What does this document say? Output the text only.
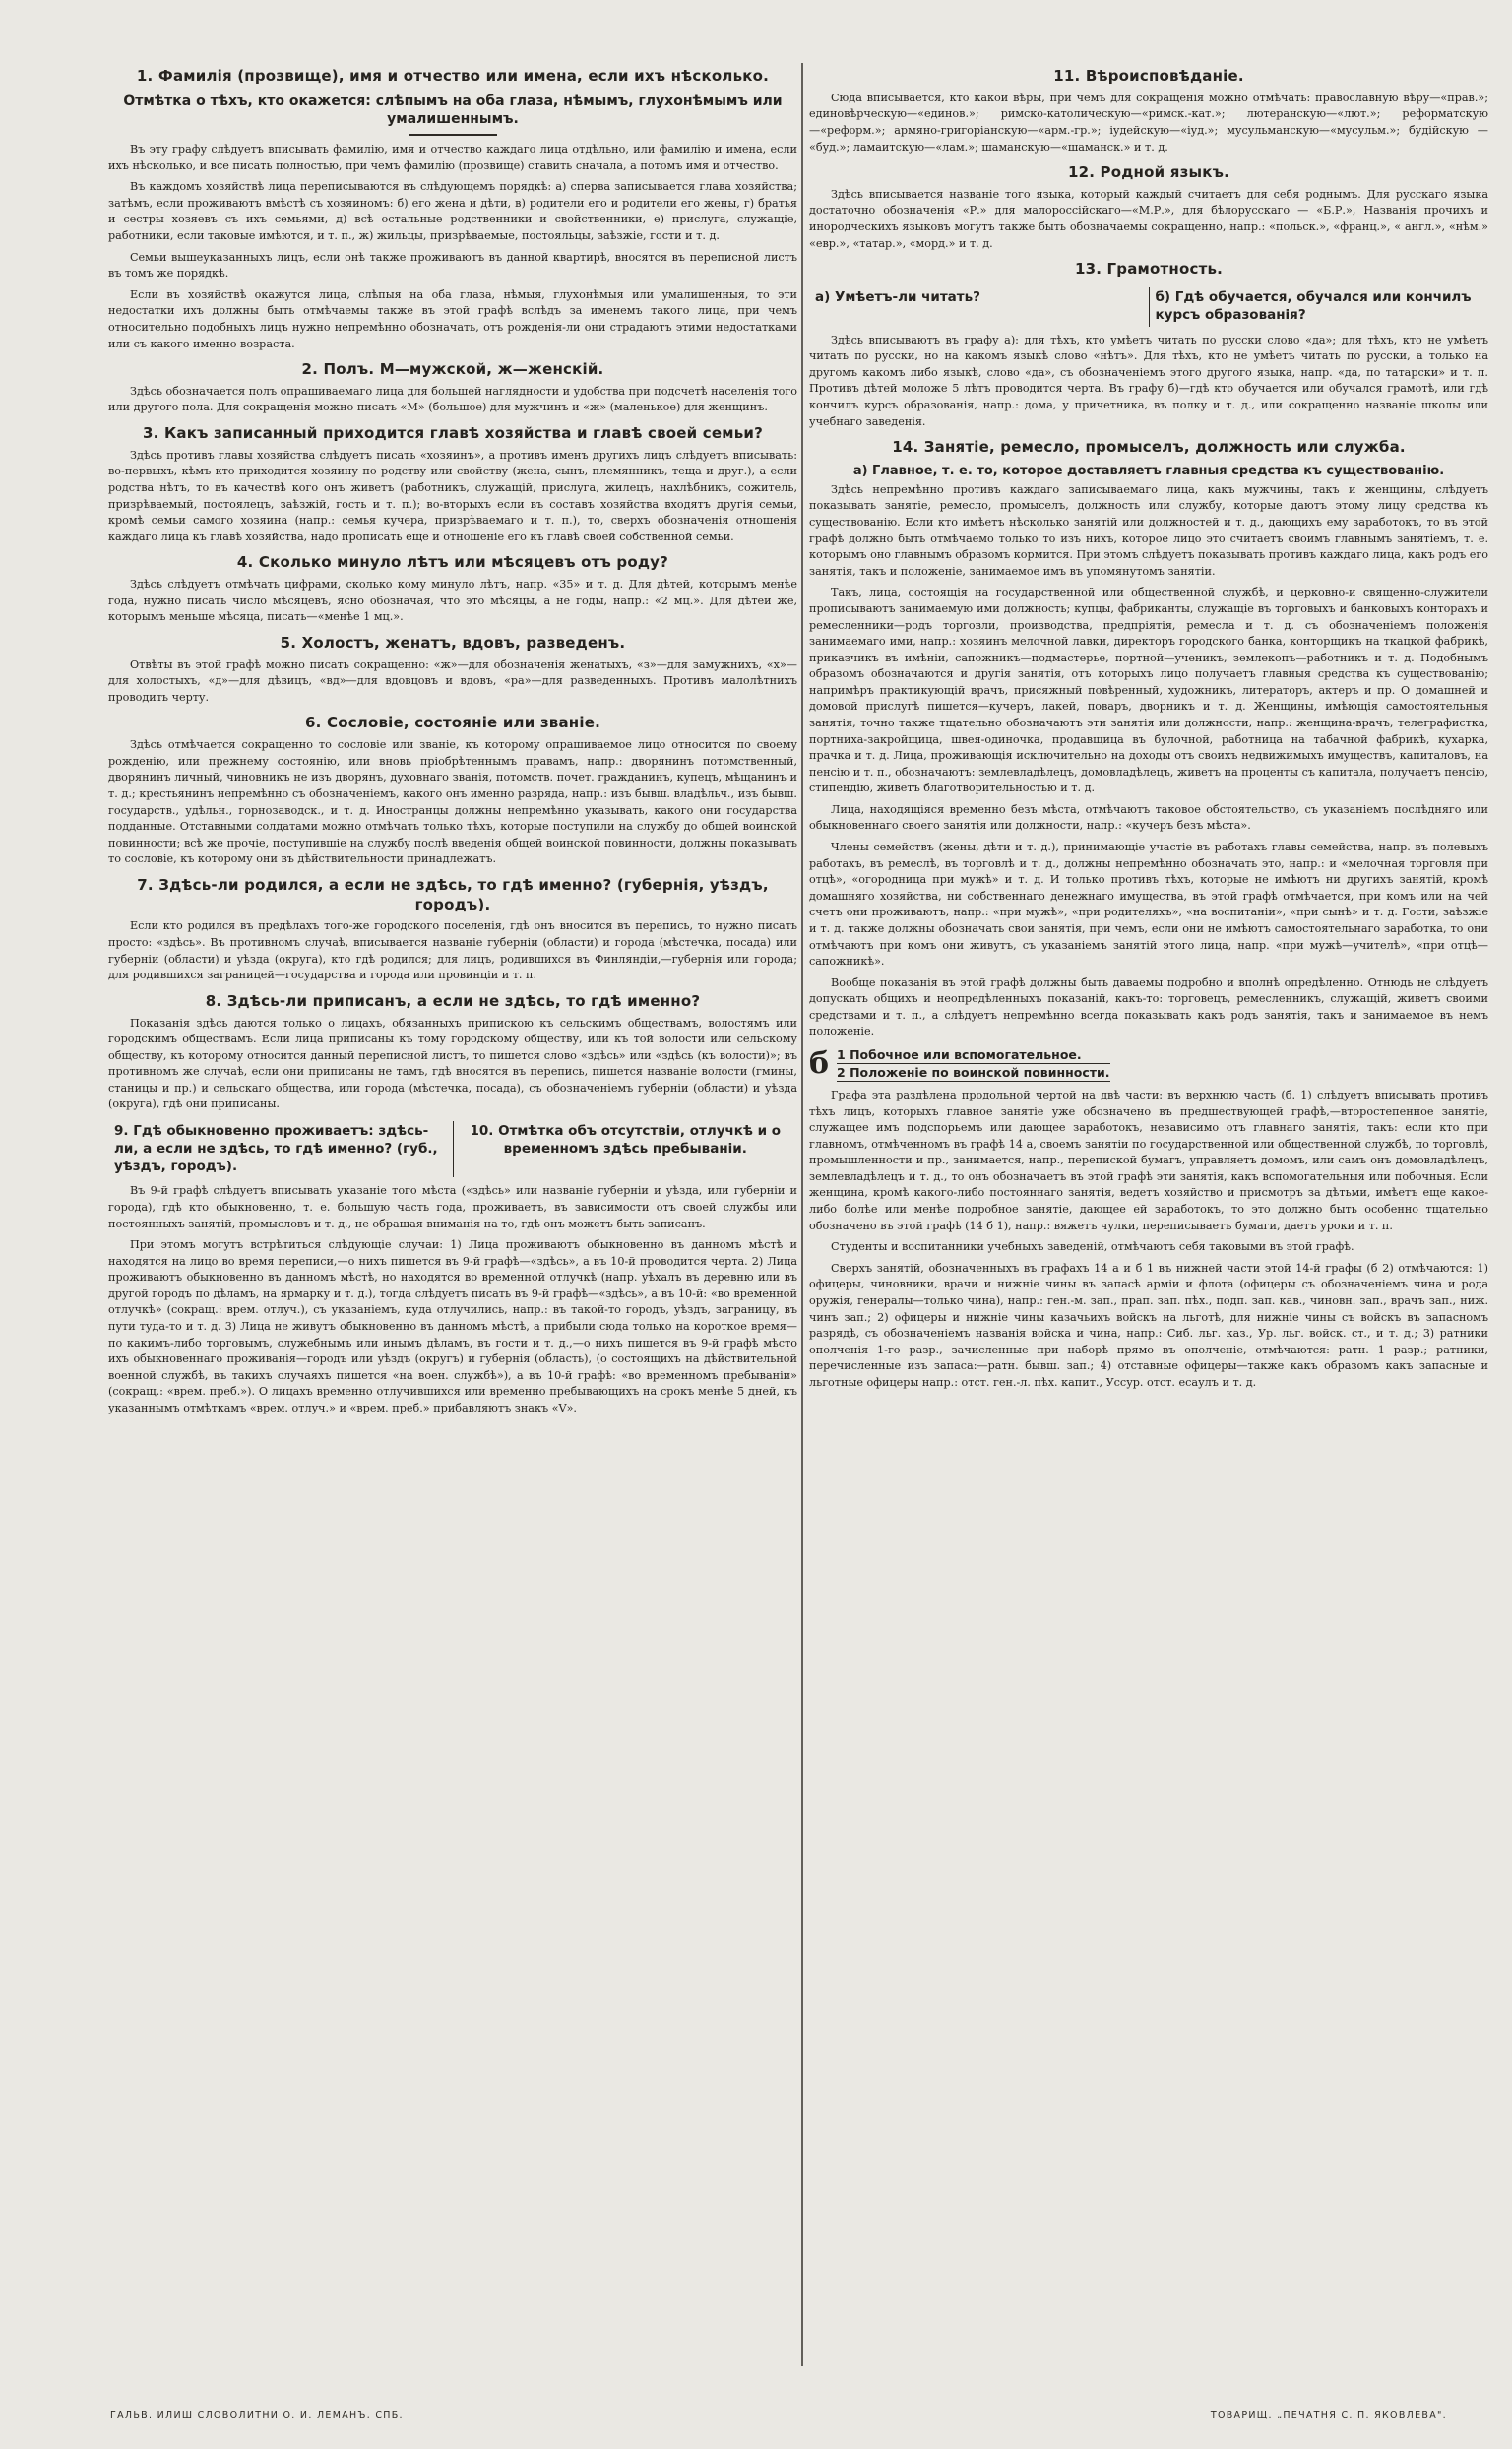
1. Фамилія (прозвище), имя и отчество или имена, если ихъ нѣсколько.
Отмѣтка о тѣхъ, кто окажется: слѣпымъ на оба глаза, нѣмымъ, глухонѣмымъ или умалишеннымъ.

Въ эту графу слѣдуетъ вписывать фамилію, имя и отчество каждаго лица отдѣльно, или фамилію и имена, если ихъ нѣсколько, и все писать полностью, при чемъ фамилію (прозвище) ставить сначала, а потомъ имя и отчество.

Въ каждомъ хозяйствѣ лица переписываются въ слѣдующемъ порядкѣ: а) сперва записывается глава хозяйства; затѣмъ, если проживаютъ вмѣстѣ съ хозяиномъ: б) его жена и дѣти, в) родители его и родители его жены, г) братья и сестры хозяевъ съ ихъ семьями, д) всѣ остальные родственники и свойственники, е) прислуга, служащіе, работники, если таковые имѣются, и т. п., ж) жильцы, призрѣваемые, постояльцы, заѣзжіе, гости и т. д.

Семьи вышеуказанныхъ лицъ, если онѣ также проживаютъ въ данной квартирѣ, вносятся въ переписной листъ въ томъ же порядкѣ.

Если въ хозяйствѣ окажутся лица, слѣпыя на оба глаза, нѣмыя, глухонѣмыя или умалишенныя, то эти недостатки ихъ должны быть отмѣчаемы также въ этой графѣ вслѣдъ за именемъ такого лица, при чемъ относительно подобныхъ лицъ нужно непремѣнно обозначать, отъ рожденія-ли они страдаютъ этими недостатками или съ какого именно возраста.

2. Полъ. М—мужской, ж—женскій.

Здѣсь обозначается полъ опрашиваемаго лица для большей наглядности и удобства при подсчетѣ населенія того или другого пола. Для сокращенія можно писать «М» (большое) для мужчинъ и «ж» (маленькое) для женщинъ.

3. Какъ записанный приходится главѣ хозяйства и главѣ своей семьи?

Здѣсь противъ главы хозяйства слѣдуетъ писать «хозяинъ», а противъ именъ другихъ лицъ слѣдуетъ вписывать: во-первыхъ, кѣмъ кто приходится хозяину по родству или свойству (жена, сынъ, племянникъ, теща и друг.), а если родства нѣтъ, то въ качествѣ кого онъ живетъ (работникъ, служащій, прислуга, жилецъ, нахлѣбникъ, сожитель, призрѣваемый, постоялецъ, заѣзжій, гость и т. п.); во-вторыхъ если въ составъ хозяйства входятъ другія семьи, кромѣ семьи самого хозяина (напр.: семья кучера, призрѣваемаго и т. п.), то, сверхъ обозначенія отношенія каждаго лица къ главѣ хозяйства, надо прописать еще и отношеніе его къ главѣ своей собственной семьи.

4. Сколько минуло лѣтъ или мѣсяцевъ отъ роду?

Здѣсь слѣдуетъ отмѣчать цифрами, сколько кому минуло лѣтъ, напр. «35» и т. д. Для дѣтей, которымъ менѣе года, нужно писать число мѣсяцевъ, ясно обозначая, что это мѣсяцы, а не годы, напр.: «2 мц.». Для дѣтей же, которымъ меньше мѣсяца, писать—«менѣе 1 мц.».

5. Холостъ, женатъ, вдовъ, разведенъ.

Отвѣты въ этой графѣ можно писать сокращенно: «ж»—для обозначенія женатыхъ, «з»—для замужнихъ, «х»—для холостыхъ, «д»—для дѣвицъ, «вд»—для вдовцовъ и вдовъ, «ра»—для разведенныхъ. Противъ малолѣтнихъ проводить черту.

6. Сословіе, состояніе или званіе.

Здѣсь отмѣчается сокращенно то сословіе или званіе, къ которому опрашиваемое лицо относится по своему рожденію, или прежнему состоянію, или вновь пріобрѣтеннымъ правамъ, напр.: дворянинъ потомственный, дворянинъ личный, чиновникъ не изъ дворянъ, духовнаго званія, потомств. почет. гражданинъ, купецъ, мѣщанинъ и т. д.; крестьянинъ непремѣнно съ обозначеніемъ, какого онъ именно разряда, напр.: изъ бывш. владѣльч., изъ бывш. государств., удѣльн., горнозаводск., и т. д. Иностранцы должны непремѣнно указывать, какого они государства подданные. Отставными солдатами можно отмѣчать только тѣхъ, которые поступили на службу до общей воинской повинности; всѣ же прочіе, поступившіе на службу послѣ введенія общей воинской повинности, должны показывать то сословіе, къ которому они въ дѣйствительности принадлежатъ.

7. Здѣсь-ли родился, а если не здѣсь, то гдѣ именно? (губернія, уѣздъ, городъ).

Если кто родился въ предѣлахъ того-же городского поселенія, гдѣ онъ вносится въ перепись, то нужно писать просто: «здѣсь». Въ противномъ случаѣ, вписывается названіе губерніи (области) и города (мѣстечка, посада) или губерніи (области) и уѣзда (округа), кто гдѣ родился; для лицъ, родившихся въ Финляндіи,—губернія или города; для родившихся заграницей—государства и города или провинціи и т. п.

8. Здѣсь-ли приписанъ, а если не здѣсь, то гдѣ именно?

Показанія здѣсь даются только о лицахъ, обязанныхъ припискою къ сельскимъ обществамъ, волостямъ или городскимъ обществамъ. Если лица приписаны къ тому городскому обществу, или къ той волости или сельскому обществу, къ которому относится данный переписной листъ, то пишется слово «здѣсь» или «здѣсь (къ волости)»; въ противномъ же случаѣ, если они приписаны не тамъ, гдѣ вносятся въ перепись, пишется названіе волости (гмины, станицы и пр.) и сельскаго общества, или города (мѣстечка, посада), съ обозначеніемъ губерніи (области) и уѣзда (округа), гдѣ они приписаны.

9. Гдѣ обыкновенно проживаетъ: здѣсь-ли, а если не здѣсь, то гдѣ именно? (губ., уѣздъ, городъ).
10. Отмѣтка объ отсутствіи, отлучкѣ и о временномъ здѣсь пребываніи.

Въ 9-й графѣ слѣдуетъ вписывать указаніе того мѣста («здѣсь» или названіе губерніи и уѣзда, или губерніи и города), гдѣ кто обыкновенно, т. е. большую часть года, проживаетъ, въ зависимости отъ своей службы или постоянныхъ занятій, промысловъ и т. д., не обращая вниманія на то, гдѣ онъ можетъ быть записанъ.

При этомъ могутъ встрѣтиться слѣдующіе случаи: 1) Лица проживаютъ обыкновенно въ данномъ мѣстѣ и находятся на лицо во время переписи,—о нихъ пишется въ 9-й графѣ—«здѣсь», а въ 10-й проводится черта. 2) Лица проживаютъ обыкновенно въ данномъ мѣстѣ, но находятся во временной отлучкѣ (напр. уѣхалъ въ деревню или въ другой городъ по дѣламъ, на ярмарку и т. д.), тогда слѣдуетъ писать въ 9-й графѣ—«здѣсь», а въ 10-й: «во временной отлучкѣ» (сокращ.: врем. отлуч.), съ указаніемъ, куда отлучились, напр.: въ такой-то городъ, уѣздъ, заграницу, въ пути туда-то и т. д. 3) Лица не живутъ обыкновенно въ данномъ мѣстѣ, а прибыли сюда только на короткое время—по какимъ-либо торговымъ, служебнымъ или инымъ дѣламъ, въ гости и т. д.,—о нихъ пишется въ 9-й графѣ мѣсто ихъ обыкновеннаго проживанія—городъ или уѣздъ (округъ) и губернія (область), (о состоящихъ на дѣйствительной военной службѣ, въ такихъ случаяхъ пишется «на воен. службѣ»), а въ 10-й графѣ: «во временномъ пребываніи» (сокращ.: «врем. преб.»). О лицахъ временно отлучившихся или временно пребывающихъ на срокъ менѣе 5 дней, къ указаннымъ отмѣткамъ «врем. отлуч.» и «врем. преб.» прибавляютъ знакъ «V».

11. Вѣроисповѣданіе.

Сюда вписывается, кто какой вѣры, при чемъ для сокращенія можно отмѣчать: православную вѣру—«прав.»; единовѣрческую—«единов.»; римско-католическую—«римск.-кат.»; лютеранскую—«лют.»; реформатскую—«реформ.»; армяно-григоріанскую—«арм.-гр.»; іудейскую—«іуд.»; мусульманскую—«мусульм.»; будійскую — «буд.»; ламаитскую—«лам.»; шаманскую—«шаманск.» и т. д.

12. Родной языкъ.

Здѣсь вписывается названіе того языка, который каждый считаетъ для себя роднымъ. Для русскаго языка достаточно обозначенія «Р.» для малороссійскаго—«М.Р.», для бѣлорусскаго — «Б.Р.», Названія прочихъ и инородческихъ языковъ могутъ также быть обозначаемы сокращенно, напр.: «польск.», «франц.», « англ.», «нѣм.» «евр.», «татар.», «морд.» и т. д.

13. Грамотность.
а) Умѣетъ-ли читать?	б) Гдѣ обучается, обучался или кончилъ курсъ образованія?

Здѣсь вписываютъ въ графу а): для тѣхъ, кто умѣетъ читать по русски слово «да»; для тѣхъ, кто не умѣетъ читать по русски, но на какомъ языкѣ слово «нѣтъ». Для тѣхъ, кто не умѣетъ читать по русски, а только на другомъ какомъ либо языкѣ, слово «да», съ обозначеніемъ этого другого языка, напр. «да, по татарски» и т. п. Противъ дѣтей моложе 5 лѣтъ проводится черта. Въ графу б)—гдѣ кто обучается или обучался грамотѣ, или гдѣ кончилъ курсъ образованія, напр.: дома, у причетника, въ полку и т. д., или сокращенно названіе школы или учебнаго заведенія.

14. Занятіе, ремесло, промыселъ, должность или служба.
а) Главное, т. е. то, которое доставляетъ главныя средства къ существованію.

Здѣсь непремѣнно противъ каждаго записываемаго лица, какъ мужчины, такъ и женщины, слѣдуетъ показывать занятіе, ремесло, промыселъ, должность или службу, которые даютъ этому лицу средства къ существованію. Если кто имѣетъ нѣсколько занятій или должностей и т. д., дающихъ ему заработокъ, то въ этой графѣ должно быть отмѣчаемо только то изъ нихъ, которое лицо это считаетъ своимъ главнымъ занятіемъ, т. е. которымъ оно главнымъ образомъ кормится. При этомъ слѣдуетъ показывать противъ каждаго лица, какъ родъ его занятія, такъ и положеніе, занимаемое имъ въ упомянутомъ занятіи.

Такъ, лица, состоящія на государственной или общественной службѣ, и церковно-и священно-служители прописываютъ занимаемую ими должность; купцы, фабриканты, служащіе въ торговыхъ и банковыхъ конторахъ и ремесленники—родъ торговли, производства, предпріятія, ремесла и т. д. съ обозначеніемъ положенія занимаемаго ими, напр.: хозяинъ мелочной лавки, директоръ городского банка, конторщикъ на ткацкой фабрикѣ, приказчикъ въ имѣніи, сапожникъ—подмастерье, портной—ученикъ, землекопъ—работникъ и т. д. Подобнымъ образомъ обозначаются и другія занятія, отъ которыхъ лицо получаетъ главныя средства къ существованію; напримѣръ практикующій врачъ, присяжный повѣренный, художникъ, литераторъ, актеръ и пр. О домашней и домовой прислугѣ пишется—кучеръ, лакей, поваръ, дворникъ и т. д. Женщины, имѣющія самостоятельныя занятія, точно также тщательно обозначаютъ эти занятія или должности, напр.: женщина-врачъ, телеграфистка, портниха-закройщица, швея-одиночка, продавщица въ булочной, работница на табачной фабрикѣ, кухарка, прачка и т. д. Лица, проживающія исключительно на доходы отъ своихъ недвижимыхъ имуществъ, капиталовъ, на пенсію и т. п., обозначаютъ: землевладѣлецъ, домовладѣлецъ, живетъ на проценты съ капитала, получаетъ пенсію, стипендію, живетъ благотворительностью и т. д.

Лица, находящіяся временно безъ мѣста, отмѣчаютъ таковое обстоятельство, съ указаніемъ послѣдняго или обыкновеннаго своего занятія или должности, напр.: «кучеръ безъ мѣста».

Члены семействъ (жены, дѣти и т. д.), принимающіе участіе въ работахъ главы семейства, напр. въ полевыхъ работахъ, въ ремеслѣ, въ торговлѣ и т. д., должны непремѣнно обозначать это, напр.: и «мелочная торговля при отцѣ», «огородница при мужѣ» и т. д. И только противъ тѣхъ, которые не имѣютъ ни другихъ занятій, кромѣ домашняго хозяйства, ни собственнаго денежнаго имущества, въ этой графѣ отмѣчается, при комъ или на чей счетъ они проживаютъ, напр.: «при мужѣ», «при родителяхъ», «на воспитаніи», «при сынѣ» и т. д. Гости, заѣзжіе и т. д. также должны обозначать свои занятія, при чемъ, если они не имѣютъ самостоятельнаго заработка, то они отмѣчаютъ при комъ они живутъ, съ указаніемъ занятій этого лица, напр. «при мужѣ—учителѣ», «при отцѣ—сапожникѣ».

Вообще показанія въ этой графѣ должны быть даваемы подробно и вполнѣ опредѣленно. Отнюдь не слѣдуетъ допускать общихъ и неопредѣленныхъ показаній, какъ-то: торговецъ, ремесленникъ, служащій, живетъ своими средствами и т. п., а слѣдуетъ непремѣнно всегда показывать какъ родъ занятія, такъ и занимаемое въ немъ положеніе.

б 1 Побочное или вспомогательное.
2 Положеніе по воинской повинности.

Графа эта раздѣлена продольной чертой на двѣ части: въ верхнюю часть (б. 1) слѣдуетъ вписывать противъ тѣхъ лицъ, которыхъ главное занятіе уже обозначено въ предшествующей графѣ,—второстепенное занятіе, служащее имъ подспорьемъ или дающее заработокъ, независимо отъ главнаго занятія, такъ: если кто при главномъ, отмѣченномъ въ графѣ 14 а, своемъ занятіи по государственной или общественной службѣ, по торговлѣ, промышленности и пр., занимается, напр., перепиской бумагъ, управляетъ домомъ, или самъ онъ домовладѣлецъ, землевладѣлецъ и т. д., то онъ обозначаетъ въ этой графѣ эти занятія, какъ вспомогательныя или побочныя. Если женщина, кромѣ какого-либо постояннаго занятія, ведетъ хозяйство и присмотръ за дѣтьми, имѣетъ еще какое-либо болѣе или менѣе подробное занятіе, дающее ей заработокъ, то это должно быть особенно тщательно обозначено въ этой графѣ (14 б 1), напр.: вяжетъ чулки, переписываетъ бумаги, даетъ уроки и т. п.

Студенты и воспитанники учебныхъ заведеній, отмѣчаютъ себя таковыми въ этой графѣ.

Сверхъ занятій, обозначенныхъ въ графахъ 14 а и б 1 въ нижней части этой 14-й графы (б 2) отмѣчаются: 1) офицеры, чиновники, врачи и нижніе чины въ запасѣ арміи и флота (офицеры съ обозначеніемъ чина и рода оружія, генералы—только чина), напр.: ген.-м. зап., прап. зап. пѣх., подп. зап. кав., чиновн. зап., врачъ зап., ниж. чинъ зап.; 2) офицеры и нижніе чины казачьихъ войскъ на льготѣ, для нижніе чины съ войскъ въ запасномъ разрядѣ, съ обозначеніемъ названія войска и чина, напр.: Сиб. льг. каз., Ур. льг. войск. ст., и т. д.; 3) ратники ополченія 1-го разр., зачисленные при наборѣ прямо въ ополченіе, отмѣчаются: ратн. 1 разр.; ратники, перечисленные изъ запаса:—ратн. бывш. зап.; 4) отставные офицеры—также какъ образомъ какъ запасные и льготные офицеры напр.: отст. ген.-л. пѣх. капит., Уссур. отст. есаулъ и т. д.

ГАЛЬВ. ИЛИШ СЛОВОЛИТНИ О. И. ЛЕМАНЪ, СПБ.	ТОВАРИЩ. „ПЕЧАТНЯ С. П. ЯКОВЛЕВА".
